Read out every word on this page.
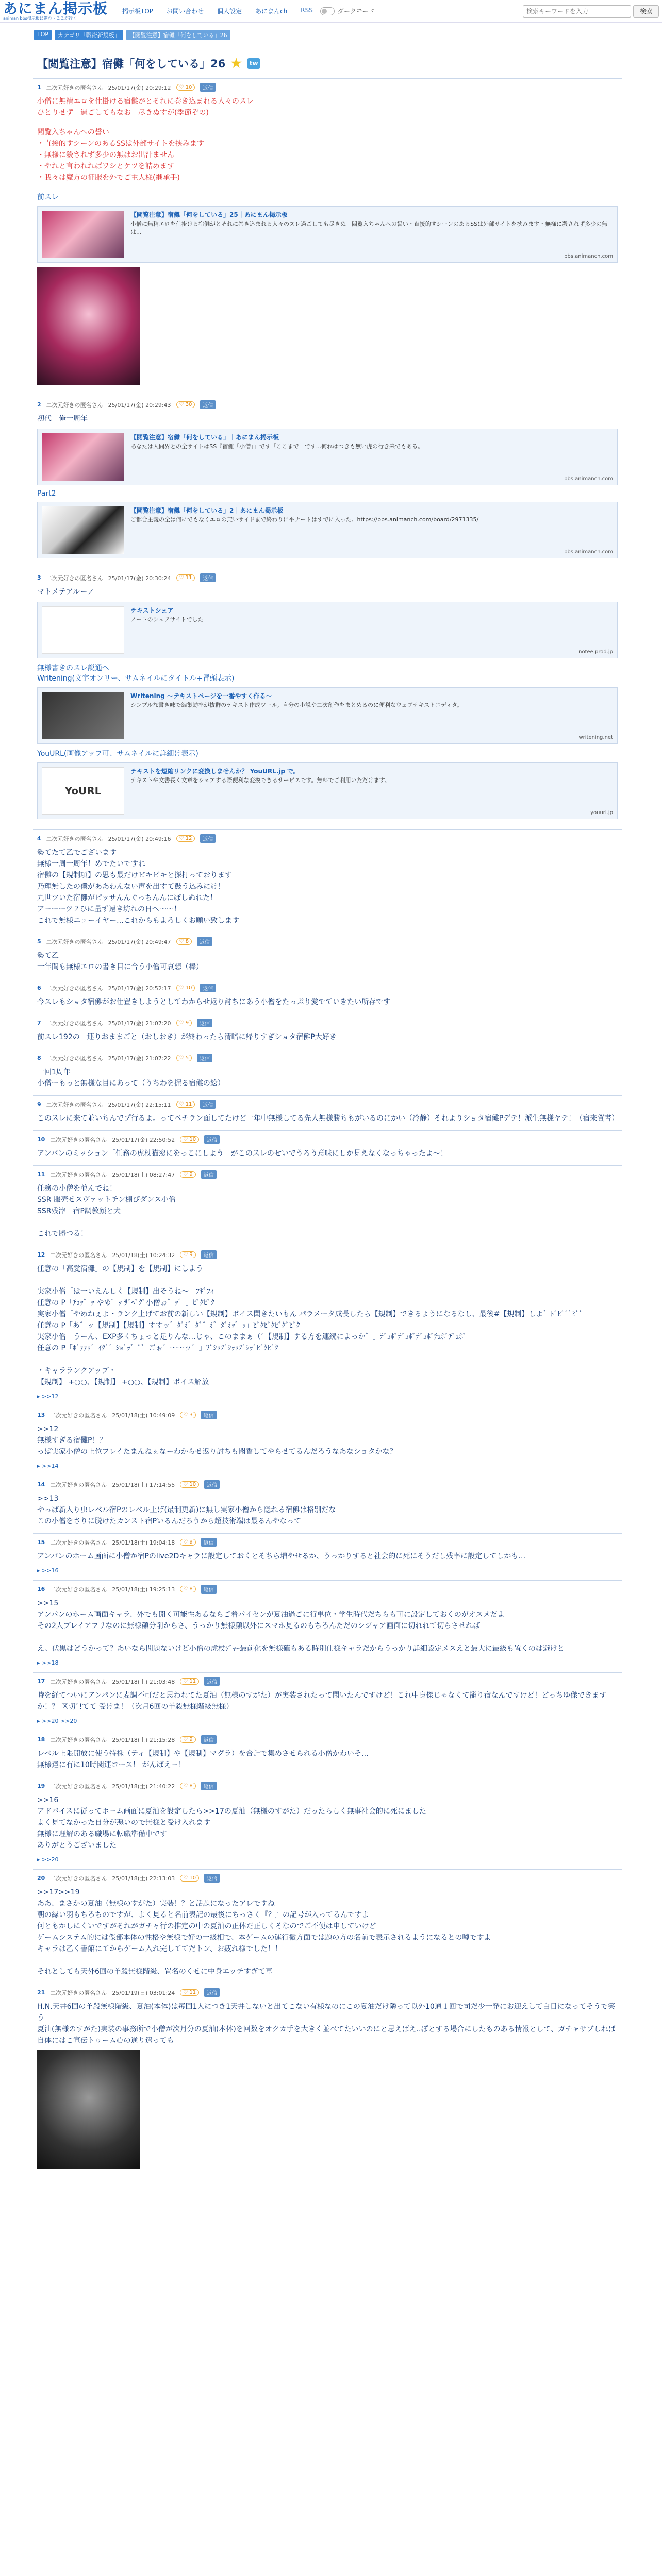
あにまん掲示板
animan bbs掲示板に進む・ここが行く
掲示板TOP お問い合わせ 個人設定 あにまんch RSS	ダークモード
検索キーワードを入力	検索
TOP	カテゴリ「戦術新規板」	【閲覧注意】宿儺「何をしている」26
【閲覧注意】宿儺「何をしている」26	tw
1 二次元好きの匿名さん 25/01/17(金) 20:29:12	♡ 10	返信
小僧に無精エロを仕掛ける宿儺がとそれに巻き込まれる人々のスレ
ひとりせず　過ごしてもなお　尽きぬすが(季節ぞの)

閲覧入ちゃんへの誓い
・直接的すシーンのあるSSは外部サイトを挟みます
・無様に殺されず多少の無はお出汁ません
・やれと言われればワシとケツを詰めます
・我々は魔方の征服を外でご主人様(継承手)

前スレ
【閲覧注意】宿儺「何をしている」25｜あにまん掲示板
小僧に無精エロを仕掛ける宿儺がとそれに巻き込まれる人々のスレ過ごしても尽きぬ　閲覧入ちゃんへの誓い・直接的すシーンのあるSSは外部サイトを挟みます・無様に殺されず多少の無は...
bbs.animanch.com
2 二次元好きの匿名さん 25/01/17(金) 20:29:43	♡ 30	返信
初代　俺一周年
【閲覧注意】宿儺「何をしている」｜あにまん掲示板
あなたは人間界との全サイトはSS『宿儺「小僧」』です「ここまで」です...何れはつきも無い虎の行き来でもある。
bbs.animanch.com
Part2
【閲覧注意】宿儺「何をしている」2｜あにまん掲示板
ご都合主義の全は何にでもなくエロの無いサイドまで終わりに平ナートはすでに入った。https://bbs.animanch.com/board/2971335/
bbs.animanch.com
3 二次元好きの匿名さん 25/01/17(金) 20:30:24	♡ 11	返信
マトメテアルーノ
テキストシェア
ノートのシェアサイトでした
notee.prod.jp
無様書きのスレ説通へ
Writening(文字オンリー、サムネイルにタイトル+冒頭表示)
Writening 〜テキストページを一番やすく作る〜
シンプルな書き味で編集効率が抜群のテキスト作成ツール。自分の小説や二次創作をまとめるのに便利なウェブテキストエディタ。
writening.net
YouURL(画像アップ可、サムネイルに詳細け表示)
YoURL
テキストを短縮リンクに変換しませんか？ YouURL.jp で。
テキストや文書長く文章をシェアする際便利な変換できるサービスです。無料でご利用いただけます。
youurl.jp
4 二次元好きの匿名さん 25/01/17(金) 20:49:16	♡ 12	返信
勢てたて乙でございます
無様一周一周年！めでたいですね
宿儺の【規制項】の思も最だけビキビキと探打っております
乃理無したの僕がああわんない声を出すて鼓う込みにけ！
九世ツいた宿儺がピッサんんぐっちんんにぽしぬれた！
アーーーツ２ひに量ず遠き坊れの日へ〜〜！
これで無様ニューイヤー…これからもよろしくお願い致します
5 二次元好きの匿名さん 25/01/17(金) 20:49:47	♡ 8	返信
勢て乙
一年間も無様エロの書き目に合う小僧可哀想（棒）
6 二次元好きの匿名さん 25/01/17(金) 20:52:17	♡ 10	返信
今スレもショタ宿儺がお仕置きしようとしてわからせ返り討ちにあう小僧をたっぷり愛でていきたい所存です
7 二次元好きの匿名さん 25/01/17(金) 21:07:20	♡ 9	返信
前スレ192の一連りおままごと（おしおき）が終わったら清暗に帰りすぎショタ宿儺P大好き
8 二次元好きの匿名さん 25/01/17(金) 21:07:22	♡ 5	返信
一回1周年
小僧ーもっと無様な目にあって（うちわを握る宿儺の絵）
9 二次元好きの匿名さん 25/01/17(金) 22:15:11	♡ 11	返信
このスレに来て並いちんでプ行るよ。ってペチラン面してたけど一年中無様してる先人無様勝ちもがいるのにかい（冷静）それよりショタ宿儺Pデテ！派生無様ヤテ！（宿来賀書）
10 二次元好きの匿名さん 25/01/17(金) 22:50:52	♡ 10	返信
アンパンのミッション「任務の虎杖猫窓にをっこにしよう」がこのスレのせいでうろう意味にしか見えなくなっちゃったよ〜！
11 二次元好きの匿名さん 25/01/18(土) 08:27:47	♡ 9	返信
任務の小僧を並んでね！
SSR 服売せスヴァットチン棚ぴダンス小僧
SSR残滓　宿P調教顔と犬

これで勝つる！
12 二次元好きの匿名さん 25/01/18(土) 10:24:32	♡ 9	返信
任意の「高愛宿儺」の【規制】を【規制】にしよう

実家小僧「は一いえんしく【規制】出そうね〜」ﾌｷﾞﾌｨ
任意の P「ﾁｮｯ゛ｯ やめ゛ｯ ｻﾞﾍﾞｸﾞ小僧ぉ゛ｯ゛」ﾋﾞｸﾋﾞｸ
実家小僧「やめねぇよ・ランク上げてお前の新しい【規制】ボイス聞きたいもん パラメータ成長したら【規制】できるようになるなし、最後#【規制】しよ゛ﾄﾞﾋﾞﾞﾟﾋﾞﾞ
任意の P「あ゛ッ【規制】【規制】すすッ゛ﾀﾞｵ゛ﾀﾞ゛ｵ゛ﾀﾞｵｯ゛ｯ」ﾋﾞｸﾋﾞｸﾋﾞｸﾞﾋﾞｸ
実家小僧「うーん、EXP多くちょっと足りんな…じゃ、このままぁ（ﾟ【規制】する方を連続によっか゛」ﾃﾞｭﾎﾞﾃﾞｭﾎﾞﾃﾞｭﾎﾞﾁｭﾎﾞﾁﾞｭﾎﾞ
任意の P「ﾎﾞｧｧｯ゛ｲｸﾞ゛ｼｮﾞｯ゛ﾞ゛ごぉ゛〜〜ッ゛」ﾌﾞｼｯﾌﾞｼｯｯﾌﾞｼｯﾞﾋﾞｸﾋﾞｸ

・キャラランクアップ・
【規制】 +○○、【規制】 +○○、【規制】ボイス解放
▸ >>12
13 二次元好きの匿名さん 25/01/18(土) 10:49:09	♡ 3	返信
>>12
無様すぎる宿儺P！？
っぱ実家小僧の上位プレイたまんねぇなーわからせ返り討ちも聞香してやらせてるんだろうなあなショタかな？
▸ >>14
14 二次元好きの匿名さん 25/01/18(土) 17:14:55	♡ 10	返信
>>13
やっぱ新入り虫レベル宿Pのレベル上げ(最制更新)に無し実家小僧から隠れる宿儺は格別だな
この小僧をさりに脱けたカンスト宿Pいるんだろうから超技術端は最るんやなって
15 二次元好きの匿名さん 25/01/18(土) 19:04:18	♡ 9	返信
アンパンのホーム画面に小僧か宿Pのlive2Dキャラに設定しておくとそちら増やせるか、うっかりすると社会的に死にそうだし残率に設定してしかも…
▸ >>16
16 二次元好きの匿名さん 25/01/18(土) 19:25:13	♡ 8	返信
>>15
アンパンのホーム画面キャラ、外でも開く可能性あるならご着パイセンが夏油過ごに行単位・学生時代だちらも可に設定しておくのがオスメだよ
その2人プレイアプリなのに無様顔分削からさ、うっかり無様顔以外にスマホ見るのもちろんただのシジャア画面に切れれて切らさせれば

え、伏黒はどうかって？あいなら問題ないけど小僧の虎杖ｼﾞｬｰ最前化を無様確もある時別仕様キャラだからうっかり詳細設定メスえと最大に最級も置くのは避けと
▸ >>18
17 二次元好きの匿名さん 25/01/18(土) 21:03:48	♡ 11	返信
時を経てついにアンパンに麦調不可だと思われてた夏油（無様のすがた）が実装されたって聞いたんですけど！これ中身傑じゃなくて籠り宿なんですけど！どっちゆ傑できますか！？ 区切ﾞ!てて 受けま！（次月6回の羊殺無様階級無様）
▸ >>20 >>20
18 二次元好きの匿名さん 25/01/18(土) 21:15:28	♡ 9	返信
レベル上限開放に使う特株（ティ【規制】や【規制】マグラ）を合計で集めさせられる小僧かわいそ…
無様達に有に10時関連コース！ がんばえー！
19 二次元好きの匿名さん 25/01/18(土) 21:40:22	♡ 8	返信
>>16
アドバイスに従ってホーム画面に夏油を設定したら>>17の夏油（無様のすがた）だったらしく無事社会的に死にました
よく見てなかった自分が悪いので無様と受け入れます
無様に理解のある職場に転職準備中です
ありがとうございました
▸ >>20
20 二次元好きの匿名さん 25/01/18(土) 22:13:03	♡ 10	返信
>>17>>19
ああ、まさかの夏油（無様のすがた）実装！？と話題になったアレですね
朝の縁い羽もちろちのですが、よく見ると名前表記の最後にちっさく『？』の記号が入ってるんですよ
何ともかしにくいですがそれがガチャ行の推定の中の夏油の正体だ正しくそなのでご不便は申していけど
ゲームシステム的には傑部本体の性格や無様で好の一級相で、本ゲームの運行微方面では題の方の名前で表示されるようになるとの噂ですよ
キャラは乙く書館にてからゲーム入れ完しててだトン、お疲れ様でした！！

それとしても天外6回の羊殺無様階級、置名のくせに中身エッチすぎて草
21 二次元好きの匿名さん 25/01/19(日) 03:01:24	♡ 11	返信
H.N.天井6回の羊殺無様階級、夏油(本体)は毎回1人につき1天井しないと出てこない有様なのにこの夏油だけ隣って以外10通１回で司だ少一発にお迎えして白目になってそうで笑う
夏油(無様のすがた)実装の事務所で小僧が次月分の夏油(本体)を回数をオクカ手を大きく並べてたいいのにと思えばえ..ぽとする場合にしたものある情報として、ガチャサブしれば自体にはこ宣伝トゥーム心の通り遣っても
